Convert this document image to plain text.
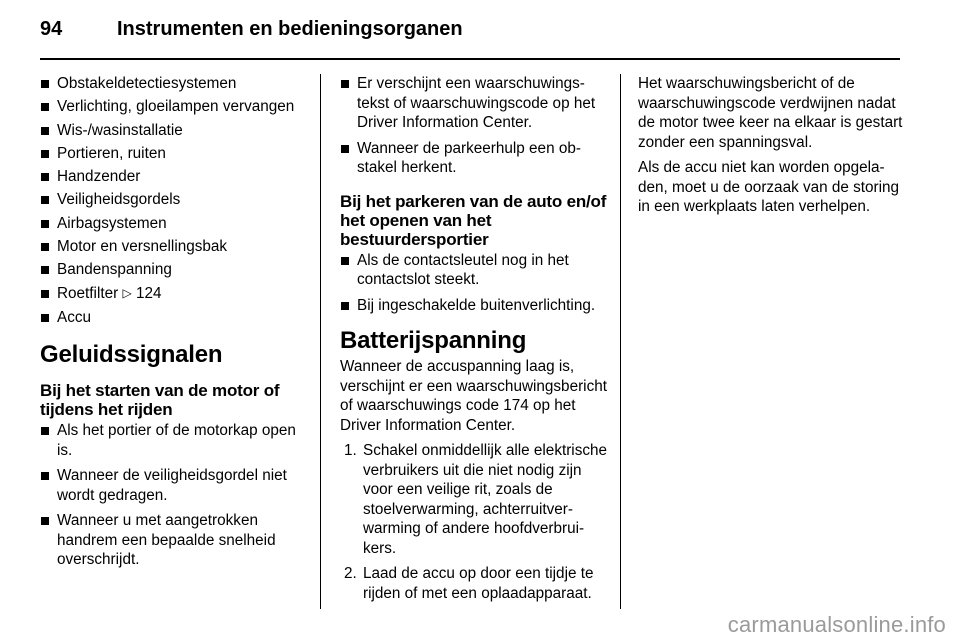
94	Instrumenten en bedieningsorganen
Obstakeldetectiesystemen
Verlichting, gloeilampen vervangen
Wis-/wasinstallatie
Portieren, ruiten
Handzender
Veiligheidsgordels
Airbagsystemen
Motor en versnellingsbak
Bandenspanning
Roetfilter ▷ 124
Accu
Geluidssignalen
Bij het starten van de motor of tijdens het rijden
Als het portier of de motorkap open is.
Wanneer de veiligheidsgordel niet wordt gedragen.
Wanneer u met aangetrokken handrem een bepaalde snelheid overschrijdt.
Er verschijnt een waarschuwingstekst of waarschuwingscode op het Driver Information Center.
Wanneer de parkeerhulp een obstakel herkent.
Bij het parkeren van de auto en/of het openen van het bestuurdersportier
Als de contactsleutel nog in het contactslot steekt.
Bij ingeschakelde buitenverlichting.
Batterijspanning

Wanneer de accuspanning laag is, verschijnt er een waarschuwingsbericht of waarschuwings code 174 op het Driver Information Center.

1. Schakel onmiddellijk alle elektrische verbruikers uit die niet nodig zijn voor een veilige rit, zoals de stoelverwarming, achterruitverwarming of andere hoofdverbruikers.
2. Laad de accu op door een tijdje te rijden of met een oplaadapparaat.

Het waarschuwingsbericht of de waarschuwingscode verdwijnen nadat de motor twee keer na elkaar is gestart zonder een spanningsval.

Als de accu niet kan worden opgeladen, moet u de oorzaak van de storing in een werkplaats laten verhelpen.

carmanualsonline.info
